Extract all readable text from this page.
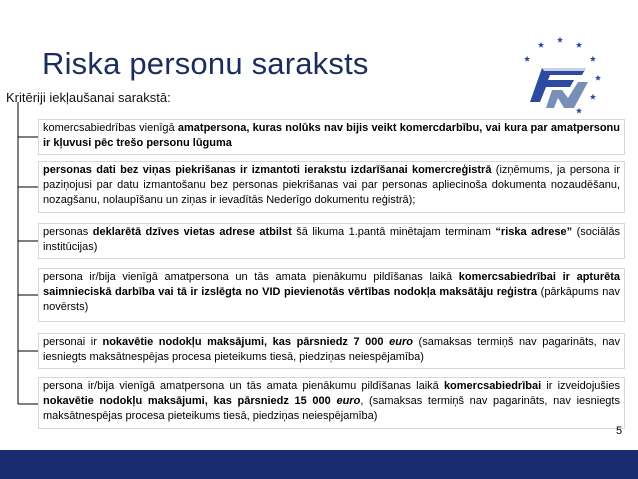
Riska personu saraksts
Kritēriji iekļaušanai sarakstā:
komercsabiedrības vienīgā amatpersona, kuras nolūks nav bijis veikt komercdarbību, vai kura par amatpersonu ir kļuvusi pēc trešo personu lūguma
personas dati bez viņas piekrišanas ir izmantoti ierakstu izdarīšanai komercreģistrā (izņēmums, ja persona ir paziņojusi par datu izmantošanu bez personas piekrišanas vai par personas apliecinoša dokumenta nozaudēšanu, nozagšanu, nolaupīšanu un ziņas ir ievadītās Nederīgo dokumentu reģistrā);
personas deklarētā dzīves vietas adrese atbilst šā likuma 1.pantā minētajam terminam “riska adrese” (sociālās institūcijas)
persona ir/bija vienīgā amatpersona un tās amata pienākumu pildīšanas laikā komercsabiedrībai ir apturēta saimnieciskā darbība vai tā ir izslēgta no VID pievienotās vērtības nodokļa maksātāju reģistra (pārkāpums nav novērsts)
personai ir nokavētie nodokļu maksājumi, kas pārsniedz 7 000 euro (samaksas termiņš nav pagarināts, nav iesniegts maksātnespējas procesa pieteikums tiesā, piedziņas neiespējamība)
persona ir/bija vienīgā amatpersona un tās amata pienākumu pildīšanas laikā komercsabiedrībai ir izveidojušies nokavētie nodokļu maksājumi, kas pārsniedz 15 000 euro, (samaksas termiņš nav pagarināts, nav iesniegts maksātnespējas procesa pieteikums tiesā, piedziņas neiespējamība)
5
